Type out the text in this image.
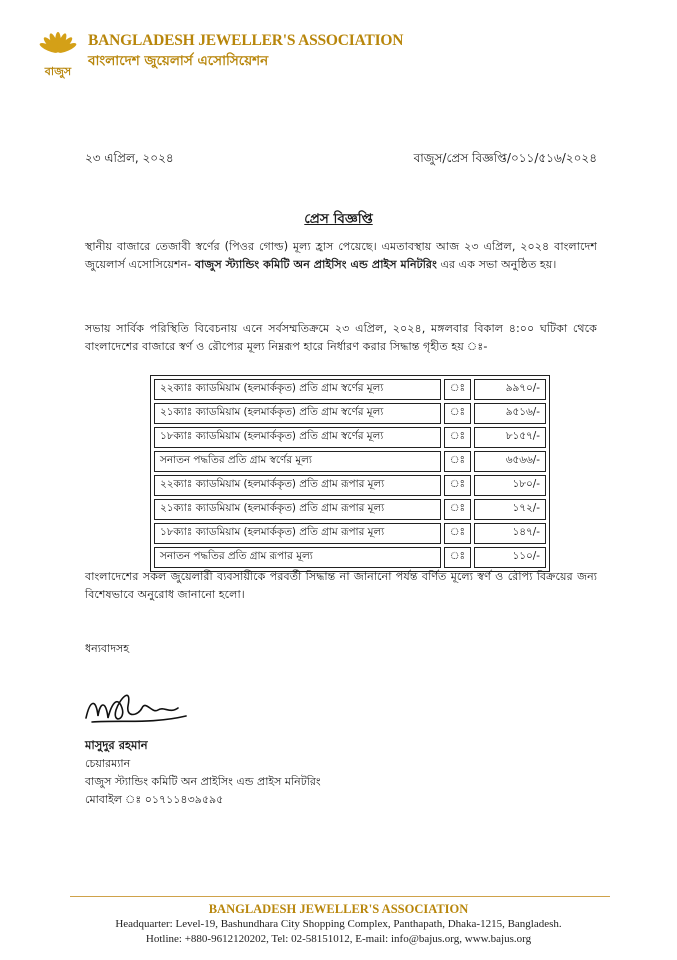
বাজুস
BANGLADESH JEWELLER'S ASSOCIATION
বাংলাদেশ জুয়েলার্স এসোসিয়েশন
২৩ এপ্রিল, ২০২৪	বাজুস/প্রেস বিজ্ঞপ্তি/০১১/৫১৬/২০২৪
প্রেস বিজ্ঞপ্তি
স্থানীয় বাজারে তেজাবী স্বর্ণের (পিওর গোল্ড) মূল্য হ্রাস পেয়েছে। এমতাবস্থায় আজ ২৩ এপ্রিল, ২০২৪ বাংলাদেশ জুয়েলার্স এসোসিয়েশন- বাজুস স্ট্যান্ডিং কমিটি অন প্রাইসিং এন্ড প্রাইস মনিটরিং এর এক সভা অনুষ্ঠিত হয়।
সভায় সার্বিক পরিস্থিতি বিবেচনায় এনে সর্বসম্মতিক্রমে ২৩ এপ্রিল, ২০২৪, মঙ্গলবার বিকাল ৪:০০ ঘটিকা থেকে বাংলাদেশের বাজারে স্বর্ণ ও রৌপ্যের মূল্য নিম্নরূপ হারে নির্ধারণ করার সিদ্ধান্ত গৃহীত হয় ঃ-
২২ক্যাঃ ক্যাডমিয়াম (হলমার্ককৃত) প্রতি গ্রাম স্বর্ণের মূল্য	ঃ	৯৯৭০/-
২১ক্যাঃ ক্যাডমিয়াম (হলমার্ককৃত) প্রতি গ্রাম স্বর্ণের মূল্য	ঃ	৯৫১৬/-
১৮ক্যাঃ ক্যাডমিয়াম (হলমার্ককৃত) প্রতি গ্রাম স্বর্ণের মূল্য	ঃ	৮১৫৭/-
সনাতন পদ্ধতির প্রতি গ্রাম স্বর্ণের মূল্য	ঃ	৬৫৬৬/-
২২ক্যাঃ ক্যাডমিয়াম (হলমার্ককৃত) প্রতি গ্রাম রূপার মূল্য	ঃ	১৮০/-
২১ক্যাঃ ক্যাডমিয়াম (হলমার্ককৃত) প্রতি গ্রাম রূপার মূল্য	ঃ	১৭২/-
১৮ক্যাঃ ক্যাডমিয়াম (হলমার্ককৃত) প্রতি গ্রাম রূপার মূল্য	ঃ	১৪৭/-
সনাতন পদ্ধতির প্রতি গ্রাম রূপার মূল্য	ঃ	১১০/-
বাংলাদেশের সকল জুয়েলারী ব্যবসায়ীকে পরবর্তী সিদ্ধান্ত না জানানো পর্যন্ত বর্ণিত মূল্যে স্বর্ণ ও রৌপ্য বিক্রয়ের জন্য বিশেষভাবে অনুরোধ জানানো হলো।
ধন্যবাদসহ
মাসুদুর রহমান
চেয়ারম্যান
বাজুস স্ট্যান্ডিং কমিটি অন প্রাইসিং এন্ড প্রাইস মনিটরিং
মোবাইল ঃ ০১৭১১৪৩৯৫৯৫
BANGLADESH JEWELLER'S ASSOCIATION
Headquarter: Level-19, Bashundhara City Shopping Complex, Panthapath, Dhaka-1215, Bangladesh.
Hotline: +880-9612120202, Tel: 02-58151012, E-mail: info@bajus.org, www.bajus.org
